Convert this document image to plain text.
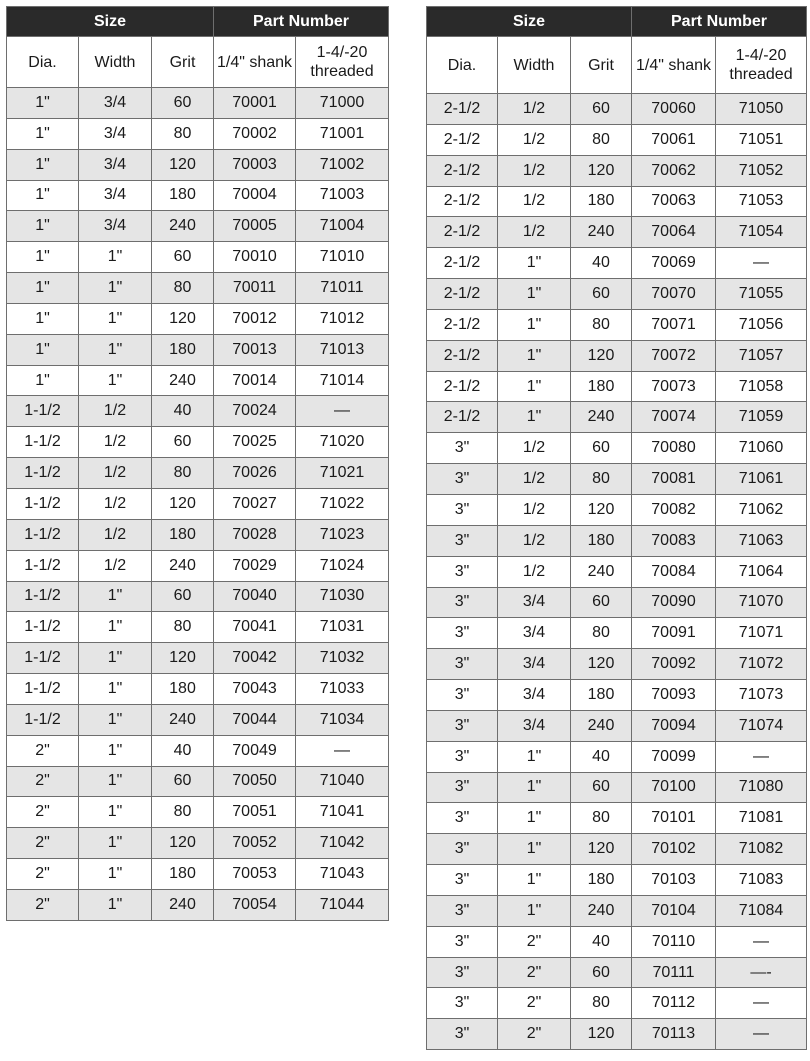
Size			Part Number	
Dia.	Width	Grit	1/4" shank	1-4/-20 threaded
1"	3/4	60	70001	71000
1"	3/4	80	70002	71001
1"	3/4	120	70003	71002
1"	3/4	180	70004	71003
1"	3/4	240	70005	71004
1"	1"	60	70010	71010
1"	1"	80	70011	71011
1"	1"	120	70012	71012
1"	1"	180	70013	71013
1"	1"	240	70014	71014
1-1/2	1/2	40	70024	—
1-1/2	1/2	60	70025	71020
1-1/2	1/2	80	70026	71021
1-1/2	1/2	120	70027	71022
1-1/2	1/2	180	70028	71023
1-1/2	1/2	240	70029	71024
1-1/2	1"	60	70040	71030
1-1/2	1"	80	70041	71031
1-1/2	1"	120	70042	71032
1-1/2	1"	180	70043	71033
1-1/2	1"	240	70044	71034
2"	1"	40	70049	—
2"	1"	60	70050	71040
2"	1"	80	70051	71041
2"	1"	120	70052	71042
2"	1"	180	70053	71043
2"	1"	240	70054	71044
Size			Part Number	
Dia.	Width	Grit	1/4" shank	1-4/-20 threaded
2-1/2	1/2	60	70060	71050
2-1/2	1/2	80	70061	71051
2-1/2	1/2	120	70062	71052
2-1/2	1/2	180	70063	71053
2-1/2	1/2	240	70064	71054
2-1/2	1"	40	70069	—
2-1/2	1"	60	70070	71055
2-1/2	1"	80	70071	71056
2-1/2	1"	120	70072	71057
2-1/2	1"	180	70073	71058
2-1/2	1"	240	70074	71059
3"	1/2	60	70080	71060
3"	1/2	80	70081	71061
3"	1/2	120	70082	71062
3"	1/2	180	70083	71063
3"	1/2	240	70084	71064
3"	3/4	60	70090	71070
3"	3/4	80	70091	71071
3"	3/4	120	70092	71072
3"	3/4	180	70093	71073
3"	3/4	240	70094	71074
3"	1"	40	70099	—
3"	1"	60	70100	71080
3"	1"	80	70101	71081
3"	1"	120	70102	71082
3"	1"	180	70103	71083
3"	1"	240	70104	71084
3"	2"	40	70110	—
3"	2"	60	70111	—-
3"	2"	80	70112	—
3"	2"	120	70113	—
